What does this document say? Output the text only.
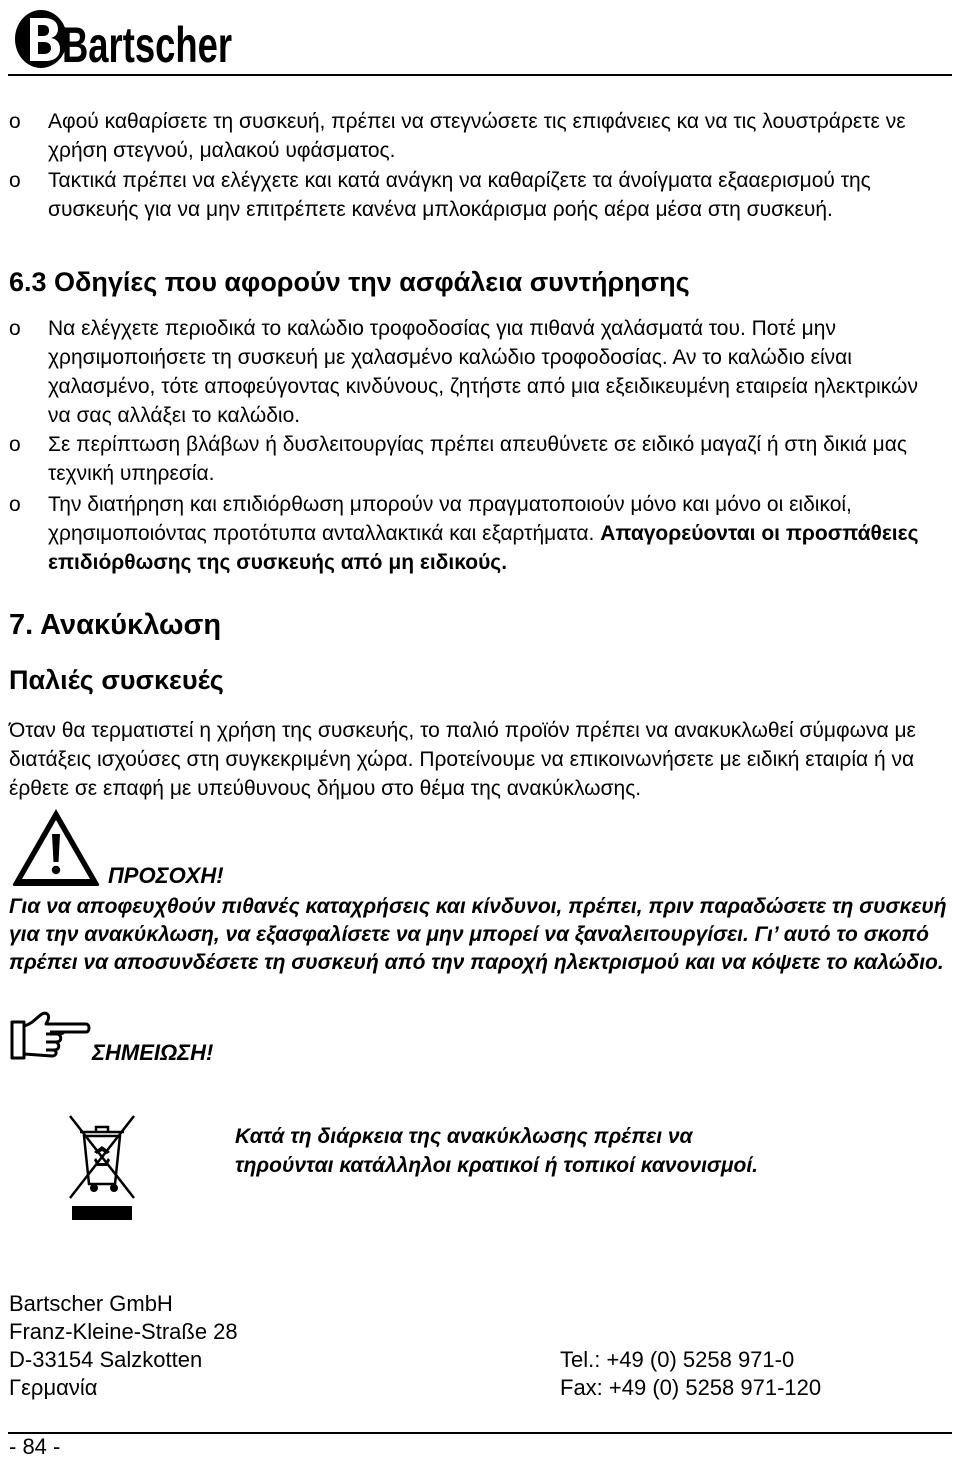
Bartscher
o Αφού καθαρίσετε τη συσκευή, πρέπει να στεγνώσετε τις επιφάνειες κα να τις λουστράρετε νε χρήση στεγνού, μαλακού υφάσματος.
o Τακτικά πρέπει να ελέγχετε και κατά ανάγκη να καθαρίζετε τα άνοίγματα εξααερισμού της συσκευής για να μην επιτρέπετε κανένα μπλοκάρισμα ροής αέρα μέσα στη συσκευή.
6.3 Οδηγίες που αφορούν την ασφάλεια συντήρησης
o Να ελέγχετε περιοδικά το καλώδιο τροφοδοσίας για πιθανά χαλάσματά του. Ποτέ μην χρησιμοποιήσετε τη συσκευή με χαλασμένο καλώδιο τροφοδοσίας. Αν το καλώδιο είναι χαλασμένο, τότε αποφεύγοντας κινδύνους, ζητήστε από μια εξειδικευμένη εταιρεία ηλεκτρικών να σας αλλάξει το καλώδιο.
o Σε περίπτωση βλάβων ή δυσλειτουργίας πρέπει απευθύνετε σε ειδικό μαγαζί ή στη δικιά μας τεχνική υπηρεσία.
o Την διατήρηση και επιδιόρθωση μπορούν να πραγματοποιούν μόνο και μόνο οι ειδικοί, χρησιμοποιόντας προτότυπα ανταλλακτικά και εξαρτήματα. Απαγορεύονται οι προσπάθειες επιδιόρθωσης της συσκευής από μη ειδικούς.
7. Ανακύκλωση
Παλιές συσκευές
Όταν θα τερματιστεί η χρήση της συσκευής, το παλιό προϊόν πρέπει να ανακυκλωθεί σύμφωνα με διατάξεις ισχούσες στη συγκεκριμένη χώρα. Προτείνουμε να επικοινωνήσετε με ειδική εταιρία ή να έρθετε σε επαφή με υπεύθυνους δήμου στο θέμα της ανακύκλωσης.
ΠΡΟΣΟΧΗ!
Για να αποφευχθούν πιθανές καταχρήσεις και κίνδυνοι, πρέπει, πριν παραδώσετε τη συσκευή για την ανακύκλωση, να εξασφαλίσετε να μην μπορεί να ξαναλειτουργίσει. Γι’ αυτό το σκοπό πρέπει να αποσυνδέσετε τη συσκευή από την παροχή ηλεκτρισμού και να κόψετε το καλώδιο.
ΣΗΜΕΙΩΣΗ!
Κατά τη διάρκεια της ανακύκλωσης πρέπει να τηρούνται κατάλληλοι κρατικοί ή τοπικοί κανονισμοί.
Bartscher GmbH
Franz-Kleine-Straße 28
D-33154 Salzkotten
Γερμανία
Tel.: +49 (0) 5258 971-0
Fax: +49 (0) 5258 971-120
- 84 -
